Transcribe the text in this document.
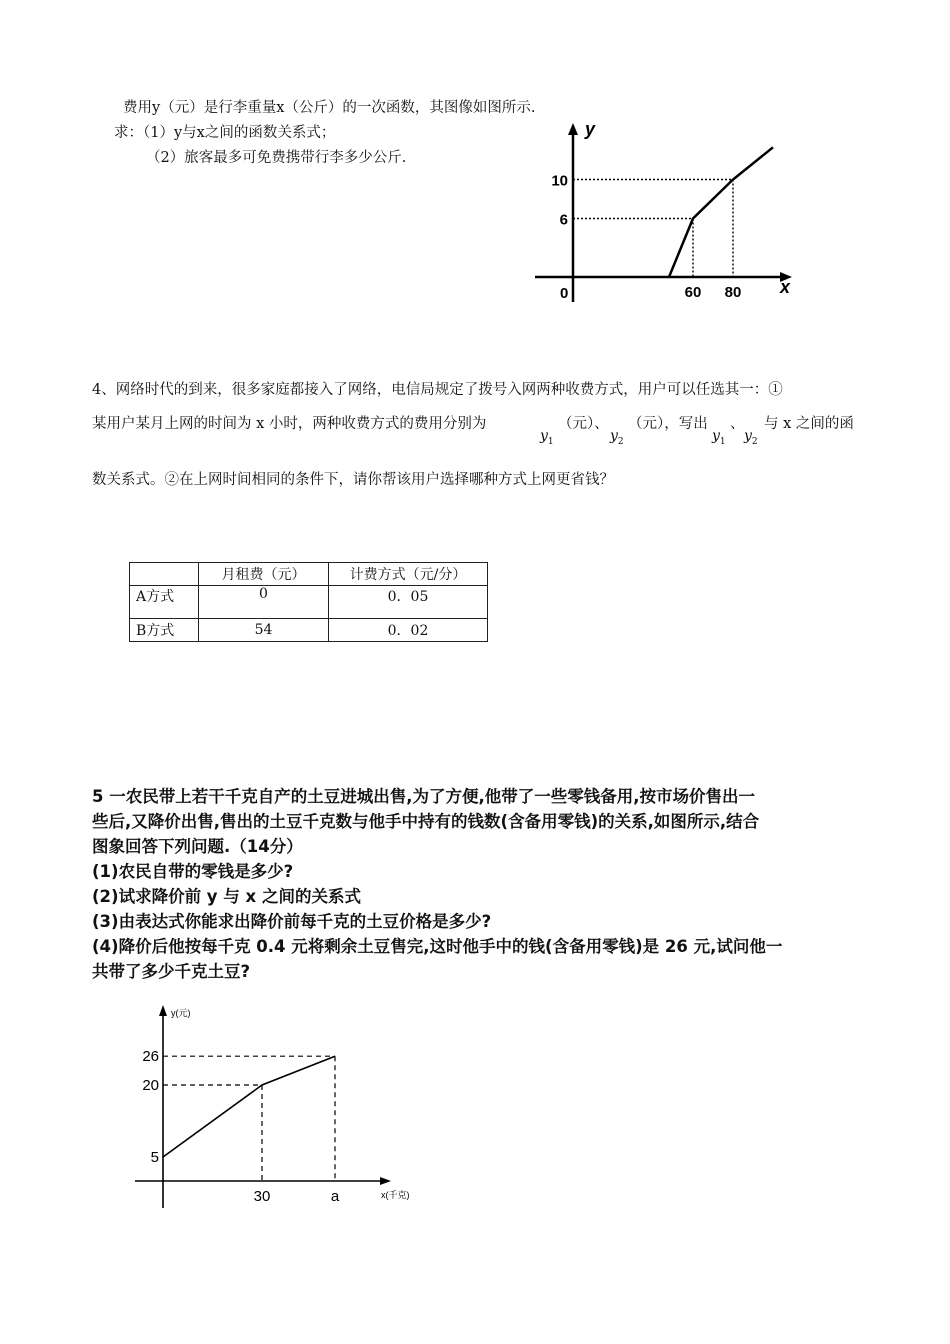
费用y（元）是行李重量x（公斤）的一次函数，其图像如图所示.
求：（1）y与x之间的函数关系式；
（2）旅客最多可免费携带行李多少公斤.
y
x
0	60 80
6
10
4、网络时代的到来，很多家庭都接入了网络，电信局规定了拨号入网两种收费方式，用户可以任选其一：①
某用户某月上网的时间为 x 小时，两种收费方式的费用分别为
$y_1$
（元）、
$y_2$
（元），写出
$y_1$
、
$y_2$
与 x 之间的函
数关系式。②在上网时间相同的条件下，请你帮该用户选择哪种方式上网更省钱？
	月租费（元）	计费方式（元/分）
A方式	0	0．05
B方式	54	0．02
5 一农民带上若干千克自产的土豆进城出售,为了方便,他带了一些零钱备用,按市场价售出一
些后,又降价出售,售出的土豆千克数与他手中持有的钱数(含备用零钱)的关系,如图所示,结合
图象回答下列问题.（14分）
(1)农民自带的零钱是多少?
(2)试求降价前 y 与 x 之间的关系式
(3)由表达式你能求出降价前每千克的土豆价格是多少?
(4)降价后他按每千克 0.4 元将剩余土豆售完,这时他手中的钱(含备用零钱)是 26 元,试问他一
共带了多少千克土豆?
y(元)
x(千克)
30	a
5
20
26
